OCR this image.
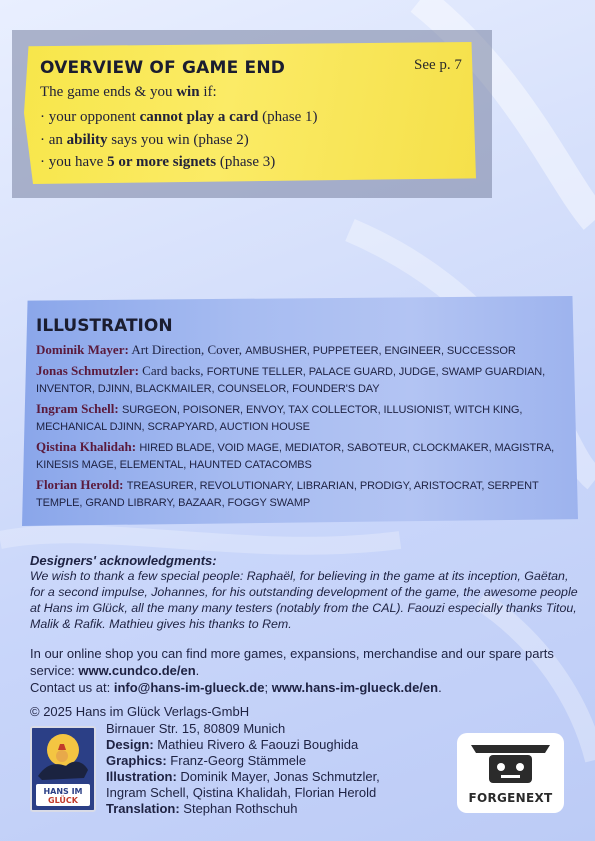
OVERVIEW OF GAME END	See p. 7
The game ends & you win if:
· your opponent cannot play a card (phase 1)
· an ability says you win (phase 2)
· you have 5 or more signets (phase 3)
ILLUSTRATION

Dominik Mayer: Art Direction, Cover, AMBUSHER, PUPPETEER, ENGINEER, SUCCESSOR

Jonas Schmutzler: Card backs, FORTUNE TELLER, PALACE GUARD, JUDGE, SWAMP GUARDIAN, INVENTOR, DJINN, BLACKMAILER, COUNSELOR, FOUNDER'S DAY

Ingram Schell: SURGEON, POISONER, ENVOY, TAX COLLECTOR, ILLUSIONIST, WITCH KING, MECHANICAL DJINN, SCRAPYARD, AUCTION HOUSE

Qistina Khalidah: HIRED BLADE, VOID MAGE, MEDIATOR, SABOTEUR, CLOCKMAKER, MAGISTRA, KINESIS MAGE, ELEMENTAL, HAUNTED CATACOMBS

Florian Herold: TREASURER, REVOLUTIONARY, LIBRARIAN, PRODIGY, ARISTOCRAT, SERPENT TEMPLE, GRAND LIBRARY, BAZAAR, FOGGY SWAMP

Designers' acknowledgments:

We wish to thank a few special people: Raphaël, for believing in the game at its inception, Gaëtan, for a second impulse, Johannes, for his outstanding development of the game, the awesome people at Hans im Glück, all the many many testers (notably from the CAL). Faouzi especially thanks Titou, Malik & Rafik. Mathieu gives his thanks to Rem.

In our online shop you can find more games, expansions, merchandise and our spare parts service: www.cundco.de/en.

Contact us at: info@hans-im-glueck.de; www.hans-im-glueck.de/en.

© 2025 Hans im Glück Verlags-GmbH
HANS IM
GLÜCK

Birnauer Str. 15, 80809 Munich

Design: Mathieu Rivero & Faouzi Boughida

Graphics: Franz-Georg Stämmele

Illustration: Dominik Mayer, Jonas Schmutzler,

Ingram Schell, Qistina Khalidah, Florian Herold

Translation: Stephan Rothschuh

FORGENEXT
